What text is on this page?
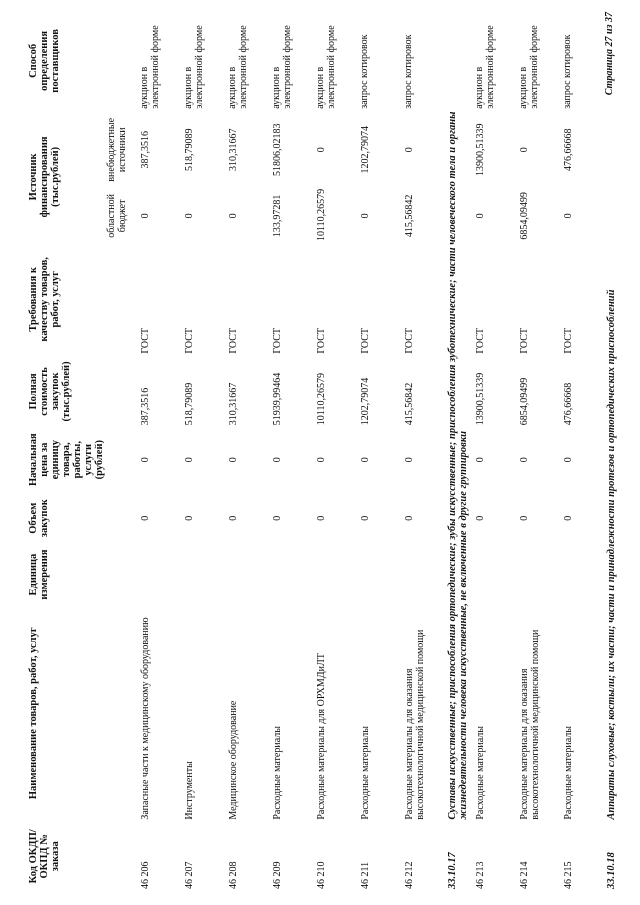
Код ОКДП/ ОКПД № заказа	Наименование товаров, работ, услуг	Единица измерения	Объем закупок	Начальная цена за единицу товара, работы, услуги (рублей)	Полная стоимость закупок (тыс.рублей)	Требования к качеству товаров, работ, услуг	Источник финансирования (тыс.рублей)		Способ определения поставщиков
							областной бюджет	внебюджетные источники	
46 206	Запасные части к медицинскому оборудованию		0	0	387,3516	ГОСТ	0	387,3516	аукцион в электронной форме
46 207	Инструменты		0	0	518,79089	ГОСТ	0	518,79089	аукцион в электронной форме
46 208	Медицинское оборудование		0	0	310,31667	ГОСТ	0	310,31667	аукцион в электронной форме
46 209	Расходные материалы		0	0	51939,99464	ГОСТ	133,97281	51806,02183	аукцион в электронной форме
46 210	Расходные материалы для ОРХМДиЛТ		0	0	10110,26579	ГОСТ	10110,26579	0	аукцион в электронной форме
46 211	Расходные материалы		0	0	1202,79074	ГОСТ	0	1202,79074	запрос котировок
46 212	Расходные материалы для оказания высокотехнологичной медицинской помощи		0	0	415,56842	ГОСТ	415,56842	0	запрос котировок
33.10.17	Суставы искусственные; приспособления ортопедические; зубы искусственные; приспособления зуботехнические; части человеческого тела и органы жизнедеятельности человека искусственные, не включенные в другие группировки								
46 213	Расходные материалы		0	0	13900,51339	ГОСТ	0	13900,51339	аукцион в электронной форме
46 214	Расходные материалы для оказания высокотехнологичной медицинской помощи		0	0	6854,09499	ГОСТ	6854,09499	0	аукцион в электронной форме
46 215	Расходные материалы		0	0	476,66668	ГОСТ	0	476,66668	запрос котировок
33.10.18	Аппараты слуховые; костыли; их части; части и принадлежности протезов и ортопедических приспособлений								
Страница 27 из 37
